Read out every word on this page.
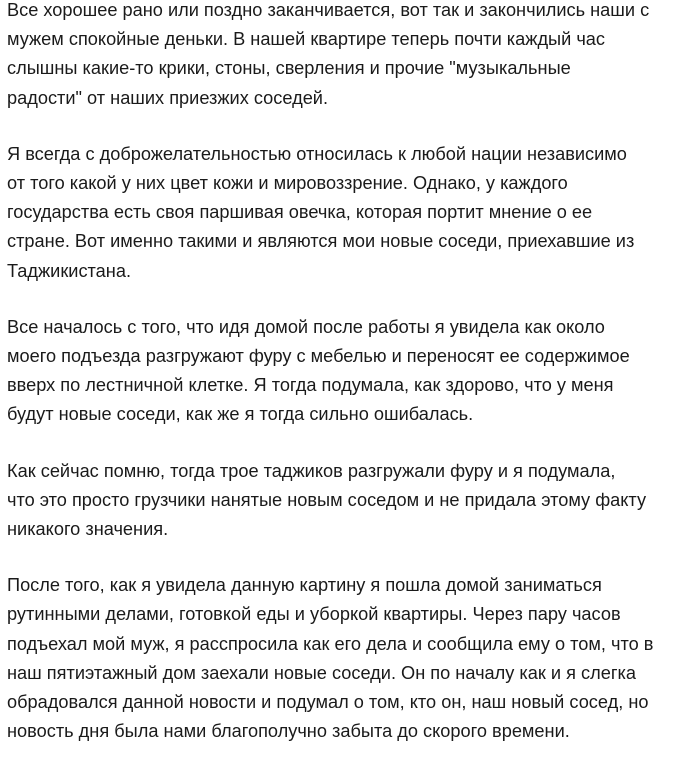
Все хорошее рано или поздно заканчивается, вот так и закончились наши с
мужем спокойные деньки. В нашей квартире теперь почти каждый час
слышны какие-то крики, стоны, сверления и прочие "музыкальные
радости" от наших приезжих соседей.

Я всегда с доброжелательностью относилась к любой нации независимо
от того какой у них цвет кожи и мировоззрение. Однако, у каждого
государства есть своя паршивая овечка, которая портит мнение о ее
стране. Вот именно такими и являются мои новые соседи, приехавшие из
Таджикистана.

Все началось с того, что идя домой после работы я увидела как около
моего подъезда разгружают фуру с мебелью и переносят ее содержимое
вверх по лестничной клетке. Я тогда подумала, как здорово, что у меня
будут новые соседи, как же я тогда сильно ошибалась.

Как сейчас помню, тогда трое таджиков разгружали фуру и я подумала,
что это просто грузчики нанятые новым соседом и не придала этому факту
никакого значения.

После того, как я увидела данную картину я пошла домой заниматься
рутинными делами, готовкой еды и уборкой квартиры. Через пару часов
подъехал мой муж, я расспросила как его дела и сообщила ему о том, что в
наш пятиэтажный дом заехали новые соседи. Он по началу как и я слегка
обрадовался данной новости и подумал о том, кто он, наш новый сосед, но
новость дня была нами благополучно забыта до скорого времени.
